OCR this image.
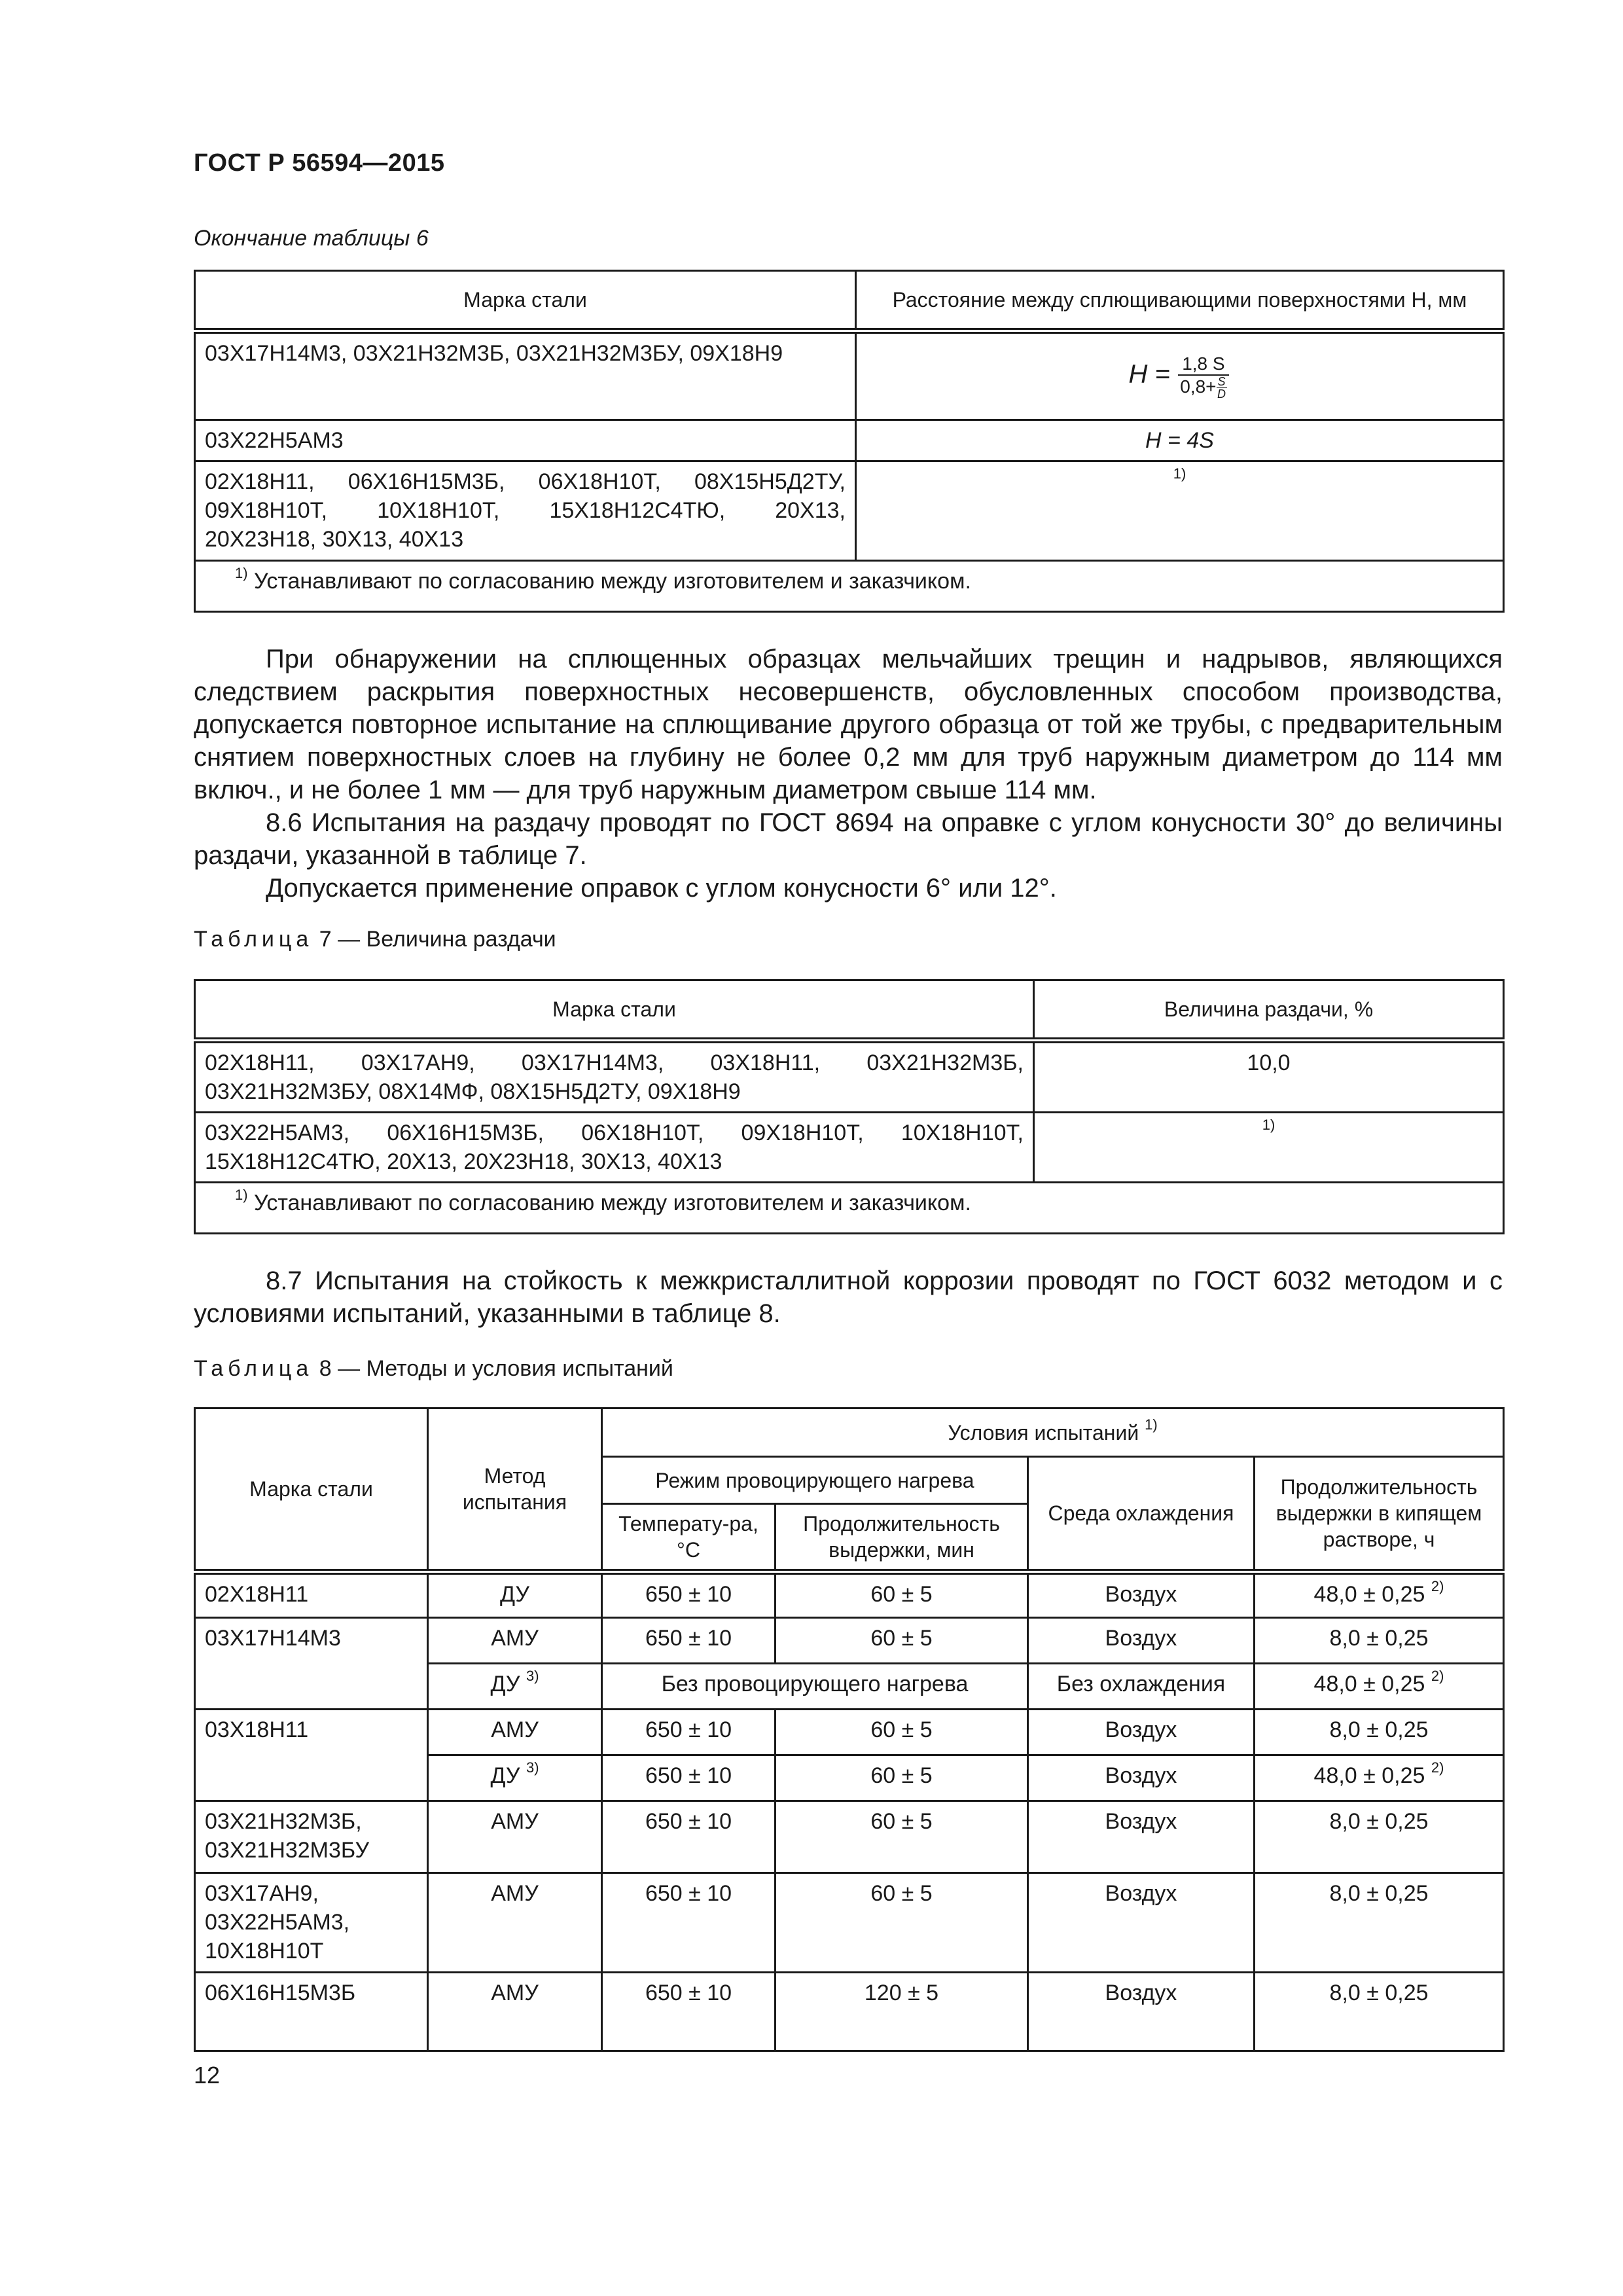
ГОСТ Р 56594—2015
Окончание таблицы 6
Марка стали	Расстояние между сплющивающими поверхностями H, мм
03Х17Н14М3, 03Х21Н32М3Б, 03Х21Н32М3БУ, 09Х18Н9	$H = \frac{1,8 S}{0,8+ \frac{S}{D}}$

03Х22Н5АМ3	H = 4S

02Х18Н11, 06Х16Н15М3Б, 06Х18Н10Т, 08Х15Н5Д2ТУ,
09Х18Н10Т, 10Х18Н10Т, 15Х18Н12С4ТЮ, 20Х13,
20Х23Н18, 30Х13, 40Х13	$^{1)}$
$^{1)}$ Устанавливают по согласованию между изготовителем и заказчиком.	
При обнаружении на сплющенных образцах мельчайших трещин и надрывов, являющихся следствием раскрытия поверхностных несовершенств, обусловленных способом производства, допускается повторное испытание на сплющивание другого образца от той же трубы, с предварительным снятием поверхностных слоев на глубину не более 0,2 мм для труб наружным диаметром до 114 мм включ., и не более 1 мм — для труб наружным диаметром свыше 114 мм.
8.6 Испытания на раздачу проводят по ГОСТ 8694 на оправке с углом конусности 30° до величины раздачи, указанной в таблице 7.
Допускается применение оправок с углом конусности 6° или 12°.
Таблица 7 — Величина раздачи
Марка стали	Величина раздачи, %

02Х18Н11, 03Х17АН9, 03Х17Н14М3, 03Х18Н11, 03Х21Н32М3Б,
03Х21Н32М3БУ, 08Х14МФ, 08Х15Н5Д2ТУ, 09Х18Н9	10,0

03Х22Н5АМ3, 06Х16Н15М3Б, 06Х18Н10Т, 09Х18Н10Т, 10Х18Н10Т,
15Х18Н12С4ТЮ, 20Х13, 20Х23Н18, 30Х13, 40Х13	$^{1)}$
$^{1)}$ Устанавливают по согласованию между изготовителем и заказчиком.	
8.7 Испытания на стойкость к межкристаллитной коррозии проводят по ГОСТ 6032 методом и с условиями испытаний, указанными в таблице 8.
Таблица 8 — Методы и условия испытаний
Марка стали	Метод испытания	Условия испытаний $^{1)}$
		Режим провоцирующего нагрева		Среда охлаждения	Продолжительность выдержки в кипящем растворе, ч
		Температу-ра, °С	Продолжительность выдержки, мин		
02Х18Н11	ДУ	650 ± 10	60 ± 5	Воздух	48,0 ± 0,25 $^{2)}$
03Х17Н14М3	АМУ	650 ± 10	60 ± 5	Воздух	8,0 ± 0,25
	ДУ $^{3)}$	Без провоцирующего нагрева		Без охлаждения	48,0 ± 0,25 $^{2)}$
03Х18Н11	АМУ	650 ± 10	60 ± 5	Воздух	8,0 ± 0,25
	ДУ $^{3)}$	650 ± 10	60 ± 5	Воздух	48,0 ± 0,25 $^{2)}$

03Х21Н32М3Б,
03Х21Н32М3БУ	АМУ	650 ± 10	60 ± 5	Воздух	8,0 ± 0,25

03Х17АН9,
03Х22Н5АМ3,
10Х18Н10Т	АМУ	650 ± 10	60 ± 5	Воздух	8,0 ± 0,25
06Х16Н15М3Б	АМУ	650 ± 10	120 ± 5	Воздух	8,0 ± 0,25
12
